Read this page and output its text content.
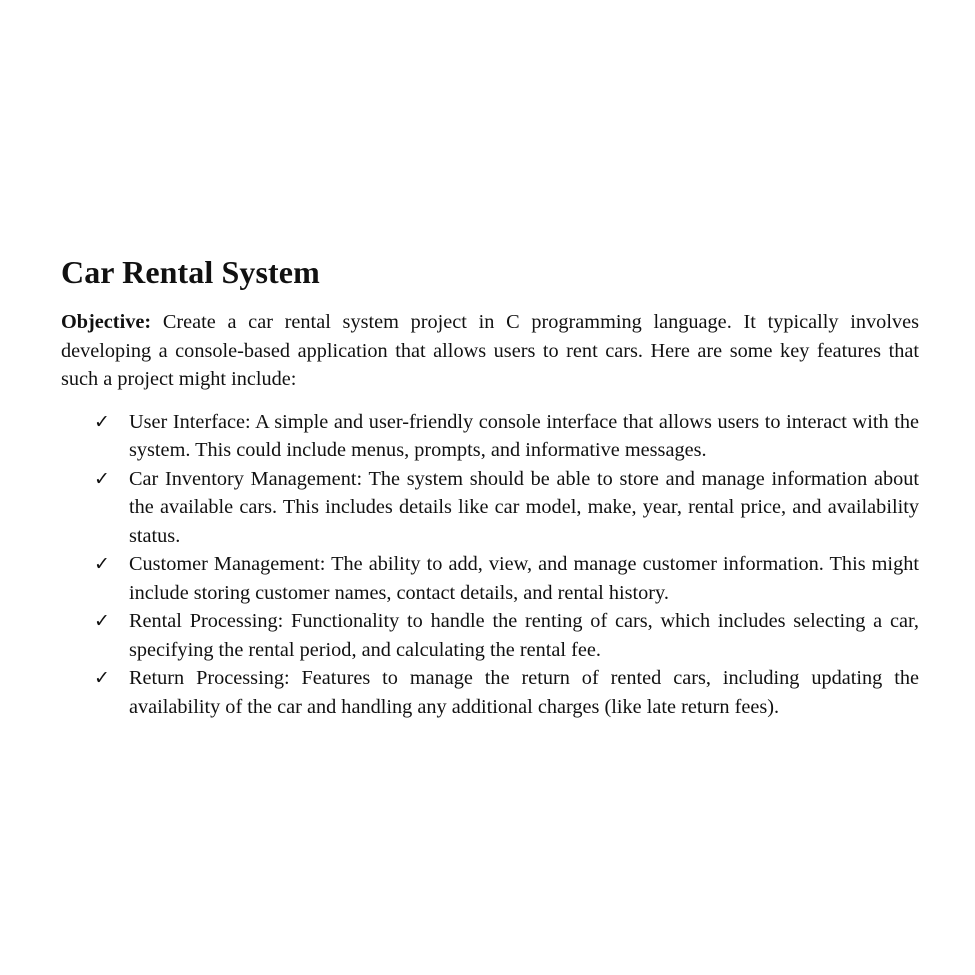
Car Rental System

Objective: Create a car rental system project in C programming language. It typically involves developing a console-based application that allows users to rent cars. Here are some key features that such a project might include:

✓ User Interface: A simple and user-friendly console interface that allows users to interact with the system. This could include menus, prompts, and informative messages.
✓ Car Inventory Management: The system should be able to store and manage information about the available cars. This includes details like car model, make, year, rental price, and availability status.
✓ Customer Management: The ability to add, view, and manage customer information. This might include storing customer names, contact details, and rental history.
✓ Rental Processing: Functionality to handle the renting of cars, which includes selecting a car, specifying the rental period, and calculating the rental fee.
✓ Return Processing: Features to manage the return of rented cars, including updating the availability of the car and handling any additional charges (like late return fees).
